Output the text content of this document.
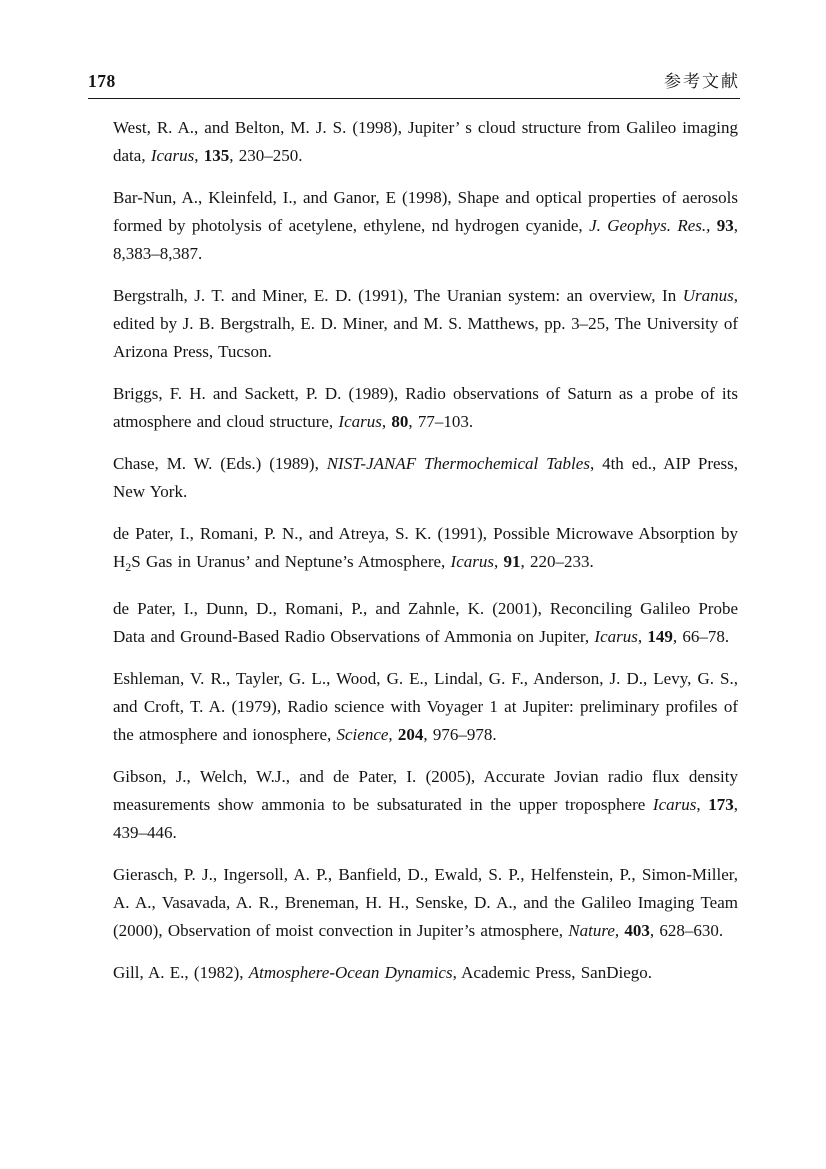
178	参考文献

West, R. A., and Belton, M. J. S. (1998), Jupiter’ s cloud structure from Galileo imaging data, Icarus, 135, 230–250.

Bar-Nun, A., Kleinfeld, I., and Ganor, E (1998), Shape and optical properties of aerosols formed by photolysis of acetylene, ethylene, nd hydrogen cyanide, J. Geophys. Res., 93, 8,383–8,387.

Bergstralh, J. T. and Miner, E. D. (1991), The Uranian system: an overview, In Uranus, edited by J. B. Bergstralh, E. D. Miner, and M. S. Matthews, pp. 3–25, The University of Arizona Press, Tucson.

Briggs, F. H. and Sackett, P. D. (1989), Radio observations of Saturn as a probe of its atmosphere and cloud structure, Icarus, 80, 77–103.

Chase, M. W. (Eds.) (1989), NIST-JANAF Thermochemical Tables, 4th ed., AIP Press, New York.

de Pater, I., Romani, P. N., and Atreya, S. K. (1991), Possible Microwave Absorption by $H_2S$ Gas in Uranus’ and Neptune’s Atmosphere, Icarus, 91, 220–233.

de Pater, I., Dunn, D., Romani, P., and Zahnle, K. (2001), Reconciling Galileo Probe Data and Ground-Based Radio Observations of Ammonia on Jupiter, Icarus, 149, 66–78.

Eshleman, V. R., Tayler, G. L., Wood, G. E., Lindal, G. F., Anderson, J. D., Levy, G. S., and Croft, T. A. (1979), Radio science with Voyager 1 at Jupiter: preliminary profiles of the atmosphere and ionosphere, Science, 204, 976–978.

Gibson, J., Welch, W.J., and de Pater, I. (2005), Accurate Jovian radio flux density measurements show ammonia to be subsaturated in the upper troposphere Icarus, 173, 439–446.

Gierasch, P. J., Ingersoll, A. P., Banfield, D., Ewald, S. P., Helfenstein, P., Simon-Miller, A. A., Vasavada, A. R., Breneman, H. H., Senske, D. A., and the Galileo Imaging Team (2000), Observation of moist convection in Jupiter’s atmosphere, Nature, 403, 628–630.

Gill, A. E., (1982), Atmosphere-Ocean Dynamics, Academic Press, SanDiego.
